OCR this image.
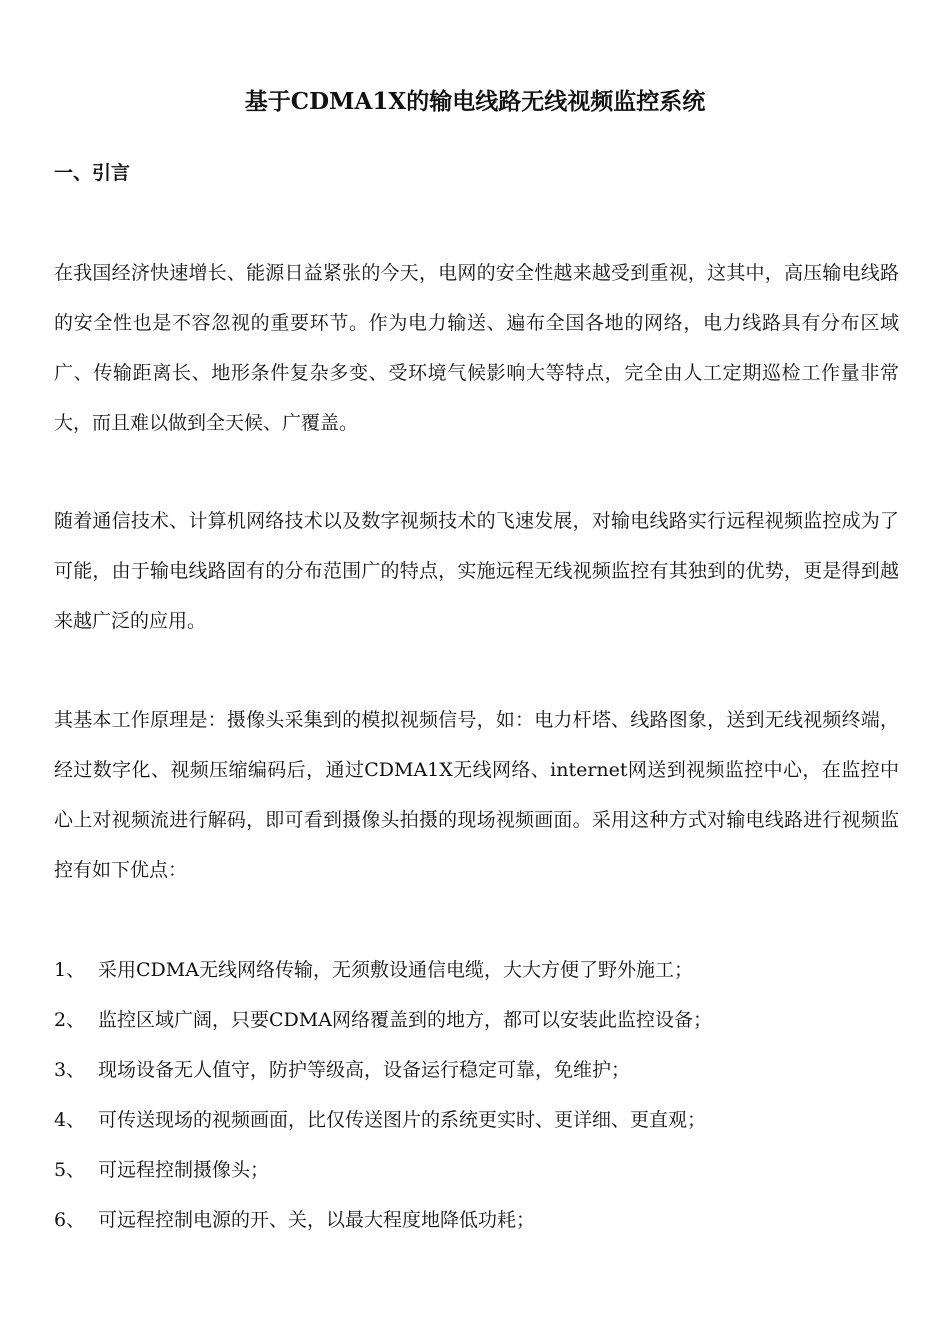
基于CDMA1X的输电线路无线视频监控系统
一、引言

在我国经济快速增长、能源日益紧张的今天，电网的安全性越来越受到重视，这其中，高压输电线路的安全性也是不容忽视的重要环节。作为电力输送、遍布全国各地的网络，电力线路具有分布区域广、传输距离长、地形条件复杂多变、受环境气候影响大等特点，完全由人工定期巡检工作量非常大，而且难以做到全天候、广覆盖。

随着通信技术、计算机网络技术以及数字视频技术的飞速发展，对输电线路实行远程视频监控成为了可能，由于输电线路固有的分布范围广的特点，实施远程无线视频监控有其独到的优势，更是得到越来越广泛的应用。

其基本工作原理是：摄像头采集到的模拟视频信号，如：电力杆塔、线路图象，送到无线视频终端，经过数字化、视频压缩编码后，通过CDMA1X无线网络、internet网送到视频监控中心，在监控中心上对视频流进行解码，即可看到摄像头拍摄的现场视频画面。采用这种方式对输电线路进行视频监控有如下优点：

1、 采用CDMA无线网络传输，无须敷设通信电缆，大大方便了野外施工；
2、 监控区域广阔，只要CDMA网络覆盖到的地方，都可以安装此监控设备；
3、 现场设备无人值守，防护等级高，设备运行稳定可靠，免维护；
4、 可传送现场的视频画面，比仅传送图片的系统更实时、更详细、更直观；
5、 可远程控制摄像头；
6、 可远程控制电源的开、关，以最大程度地降低功耗；
